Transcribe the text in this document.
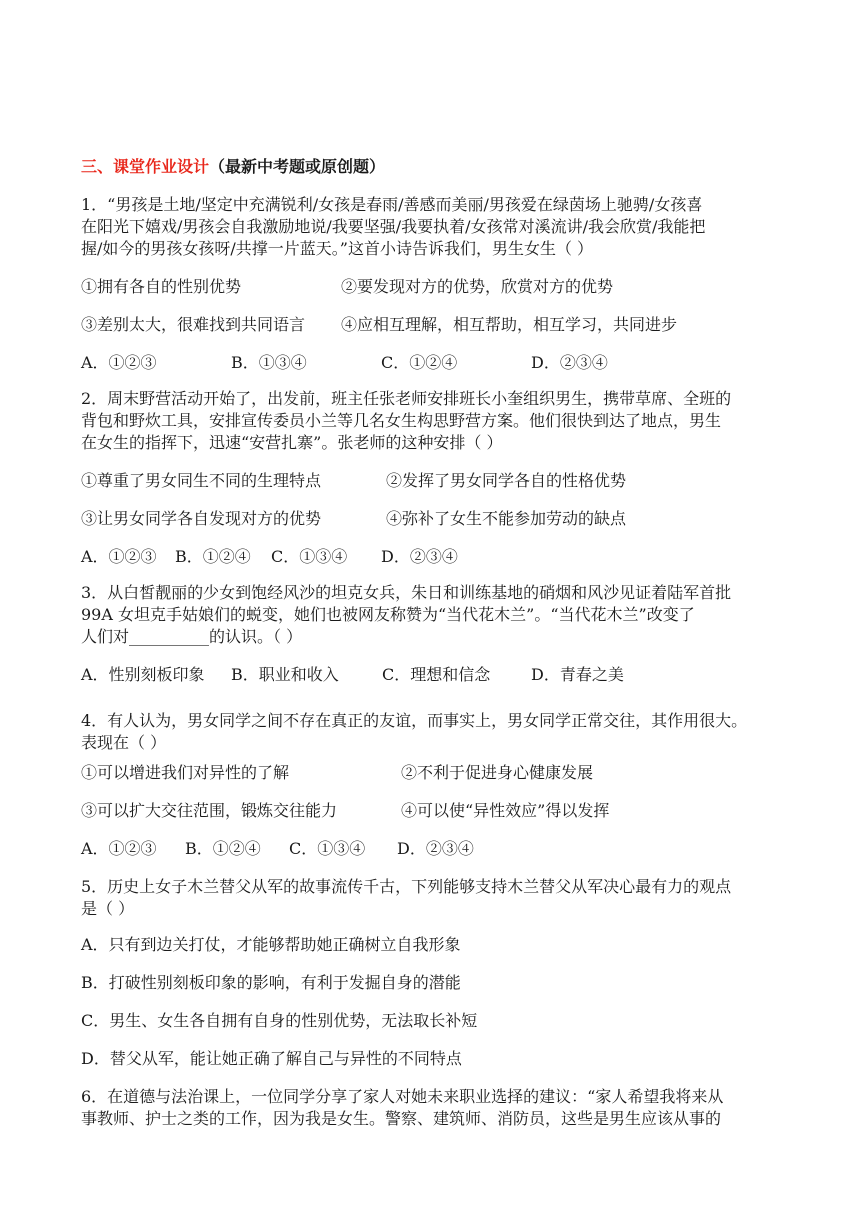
三、课堂作业设计（最新中考题或原创题）
1．“男孩是土地/坚定中充满锐利/女孩是春雨/善感而美丽/男孩爱在绿茵场上驰骋/女孩喜
在阳光下嬉戏/男孩会自我激励地说/我要坚强/我要执着/女孩常对溪流讲/我会欣赏/我能把
握/如今的男孩女孩呀/共撑一片蓝天。”这首小诗告诉我们，男生女生（ ）
①拥有各自的性别优势	②要发现对方的优势，欣赏对方的优势
③差别太大，很难找到共同语言 ④应相互理解，相互帮助，相互学习，共同进步
A．①②③	B．①③④	C．①②④	D．②③④
2．周末野营活动开始了，出发前，班主任张老师安排班长小奎组织男生，携带草席、全班的
背包和野炊工具，安排宣传委员小兰等几名女生构思野营方案。他们很快到达了地点，男生
在女生的指挥下，迅速“安营扎寨”。张老师的这种安排（ ）
①尊重了男女同生不同的生理特点	②发挥了男女同学各自的性格优势
③让男女同学各自发现对方的优势	④弥补了女生不能参加劳动的缺点
A．①②③ B．①②④ C．①③④ D．②③④
3．从白皙靓丽的少女到饱经风沙的坦克女兵，朱日和训练基地的硝烟和风沙见证着陆军首批
99A 女坦克手姑娘们的蜕变，她们也被网友称赞为“当代花木兰”。“当代花木兰”改变了
人们对__________的认识。（ ）
A．性别刻板印象 B．职业和收入	C．理想和信念	D．青春之美
4．有人认为，男女同学之间不存在真正的友谊，而事实上，男女同学正常交往，其作用很大。
表现在（ ）
①可以增进我们对异性的了解	②不利于促进身心健康发展
③可以扩大交往范围，锻炼交往能力	④可以使“异性效应”得以发挥
A．①②③ B．①②④ C．①③④ D．②③④
5．历史上女子木兰替父从军的故事流传千古，下列能够支持木兰替父从军决心最有力的观点
是（ ）
A．只有到边关打仗，才能够帮助她正确树立自我形象
B．打破性别刻板印象的影响，有利于发掘自身的潜能
C．男生、女生各自拥有自身的性别优势，无法取长补短
D．替父从军，能让她正确了解自己与异性的不同特点
6．在道德与法治课上，一位同学分享了家人对她未来职业选择的建议：“家人希望我将来从
事教师、护士之类的工作，因为我是女生。警察、建筑师、消防员，这些是男生应该从事的
